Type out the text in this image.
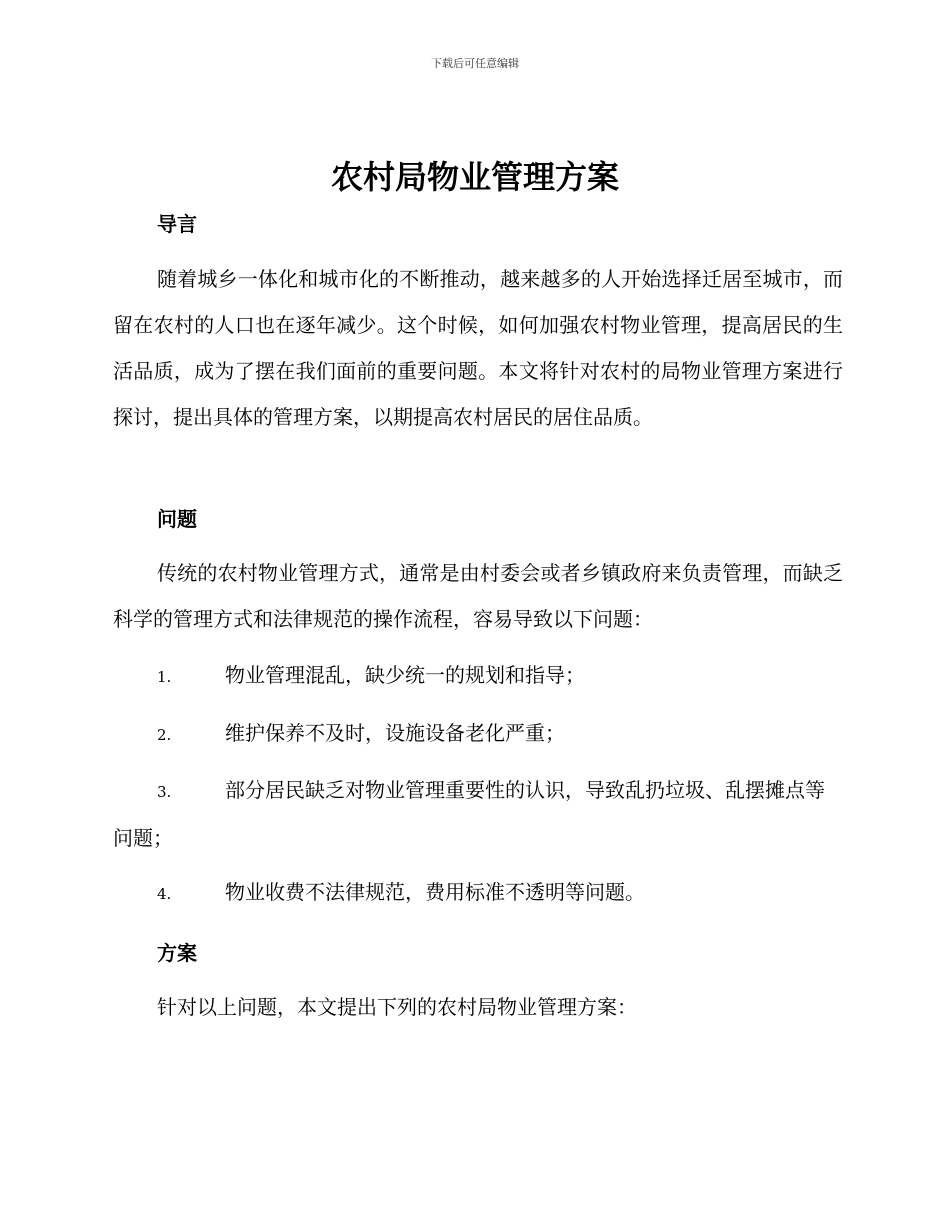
下载后可任意编辑
农村局物业管理方案
导言

随着城乡一体化和城市化的不断推动，越来越多的人开始选择迁居至城市，而留在农村的人口也在逐年减少。这个时候，如何加强农村物业管理，提高居民的生活品质，成为了摆在我们面前的重要问题。本文将针对农村的局物业管理方案进行探讨，提出具体的管理方案，以期提高农村居民的居住品质。

问题

传统的农村物业管理方式，通常是由村委会或者乡镇政府来负责管理，而缺乏科学的管理方式和法律规范的操作流程，容易导致以下问题：

1.	物业管理混乱，缺少统一的规划和指导；

2.	维护保养不及时，设施设备老化严重；

3.	部分居民缺乏对物业管理重要性的认识，导致乱扔垃圾、乱摆摊点等问题；

4.	物业收费不法律规范，费用标准不透明等问题。

方案

针对以上问题，本文提出下列的农村局物业管理方案：
